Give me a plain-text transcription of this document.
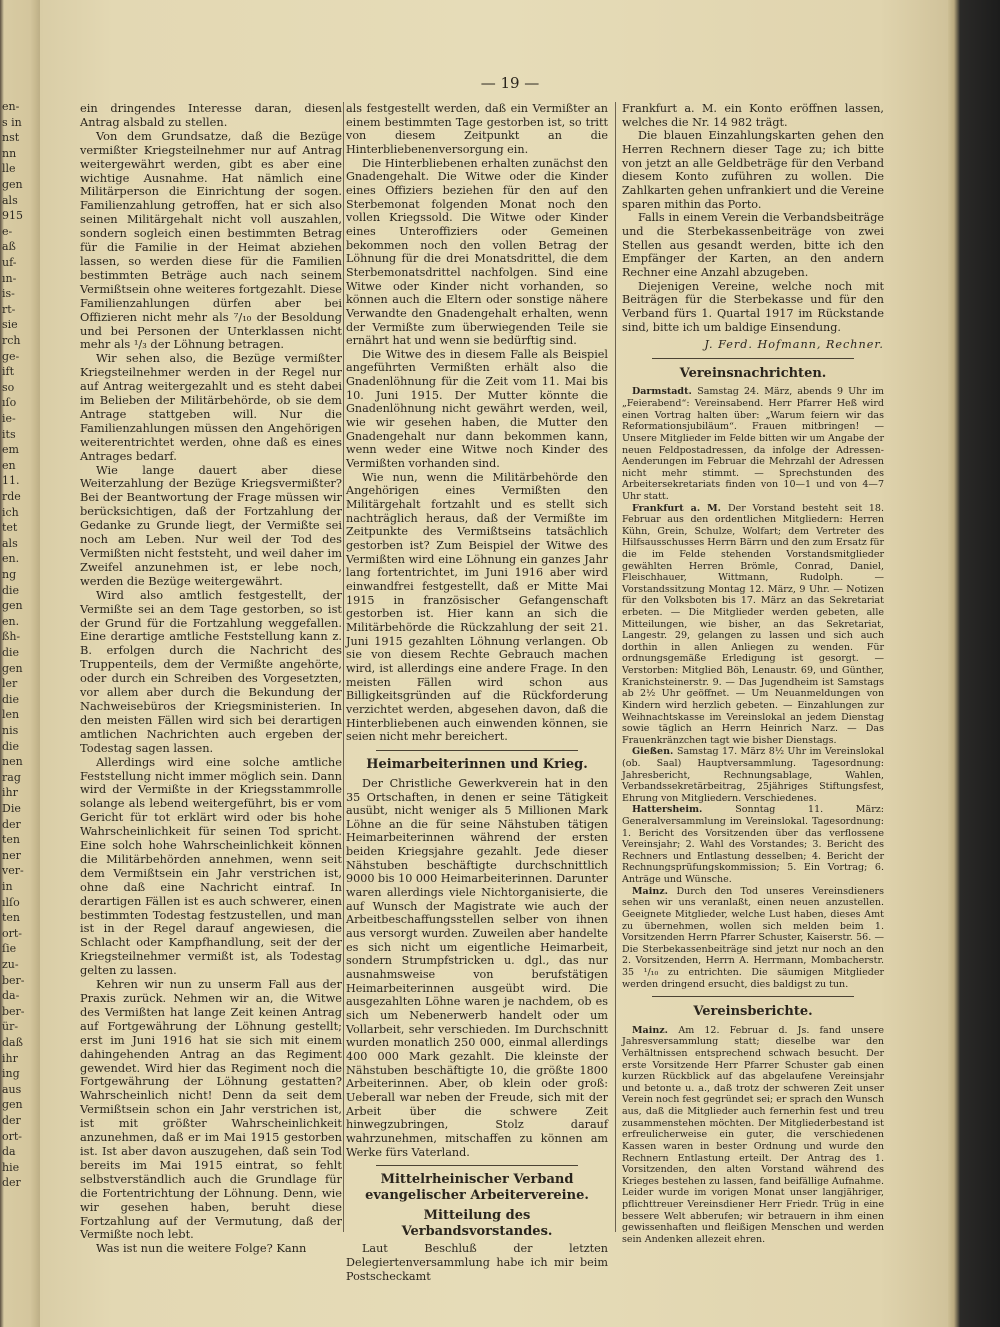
en-
s in
nst
nn
lle
gen
als
915
e-
aß
uf-
ın-
is-
rt-
sie
rch
ge-
ift
so
ıſo
ie-
its
em
en
11.
rde
ich
tet
als
en.
ng
die
gen
en.
ßh-
die
gen
ler
die
len
nis
die
nen
rag
ihr
Die
der
ten
ner
ver-
in
ılſo
ten
ort-
ſie
zu-
ber-
da-
ber-
ür-
daß
ihr
ing
aus
gen
der
ort-
da
hie
der
— 19 —

ein dringendes Interesse daran, diesen Antrag alsbald zu stellen.

Von dem Grundsatze, daß die Bezüge vermißter Kriegsteilnehmer nur auf Antrag weitergewährt werden, gibt es aber eine wichtige Ausnahme. Hat nämlich eine Militärperson die Einrichtung der sogen. Familienzahlung getroffen, hat er sich also seinen Militärgehalt nicht voll auszahlen, sondern sogleich einen bestimmten Betrag für die Familie in der Heimat abziehen lassen, so werden diese für die Familien bestimmten Beträge auch nach seinem Vermißtsein ohne weiteres fortgezahlt. Diese Familienzahlungen dürfen aber bei Offizieren nicht mehr als ⁷/₁₀ der Besoldung und bei Personen der Unterklassen nicht mehr als ¹/₃ der Löhnung betragen.

Wir sehen also, die Bezüge vermißter Kriegsteilnehmer werden in der Regel nur auf Antrag weitergezahlt und es steht dabei im Belieben der Militärbehörde, ob sie dem Antrage stattgeben will. Nur die Familienzahlungen müssen den Angehörigen weiterentrichtet werden, ohne daß es eines Antrages bedarf.

Wie lange dauert aber diese Weiterzahlung der Bezüge Kriegsvermißter? Bei der Beantwortung der Frage müssen wir berücksichtigen, daß der Fortzahlung der Gedanke zu Grunde liegt, der Vermißte sei noch am Leben. Nur weil der Tod des Vermißten nicht feststeht, und weil daher im Zweifel anzunehmen ist, er lebe noch, werden die Bezüge weitergewährt.

Wird also amtlich festgestellt, der Vermißte sei an dem Tage gestorben, so ist der Grund für die Fortzahlung weggefallen. Eine derartige amtliche Feststellung kann z. B. erfolgen durch die Nachricht des Truppenteils, dem der Vermißte angehörte, oder durch ein Schreiben des Vorgesetzten, vor allem aber durch die Bekundung der Nachweisebüros der Kriegsministerien. In den meisten Fällen wird sich bei derartigen amtlichen Nachrichten auch ergeben der Todestag sagen lassen.

Allerdings wird eine solche amtliche Feststellung nicht immer möglich sein. Dann wird der Vermißte in der Kriegsstammrolle solange als lebend weitergeführt, bis er vom Gericht für tot erklärt wird oder bis hohe Wahrscheinlichkeit für seinen Tod spricht. Eine solch hohe Wahrscheinlichkeit können die Militärbehörden annehmen, wenn seit dem Vermißtsein ein Jahr verstrichen ist, ohne daß eine Nachricht eintraf. In derartigen Fällen ist es auch schwerer, einen bestimmten Todestag festzustellen, und man ist in der Regel darauf angewiesen, die Schlacht oder Kampfhandlung, seit der der Kriegsteilnehmer vermißt ist, als Todestag gelten zu lassen.

Kehren wir nun zu unserm Fall aus der Praxis zurück. Nehmen wir an, die Witwe des Vermißten hat lange Zeit keinen Antrag auf Fortgewährung der Löhnung gestellt; erst im Juni 1916 hat sie sich mit einem dahingehenden Antrag an das Regiment gewendet. Wird hier das Regiment noch die Fortgewährung der Löhnung gestatten? Wahrscheinlich nicht! Denn da seit dem Vermißtsein schon ein Jahr verstrichen ist, ist mit größter Wahrscheinlichkeit anzunehmen, daß er im Mai 1915 gestorben ist. Ist aber davon auszugehen, daß sein Tod bereits im Mai 1915 eintrat, so fehlt selbstverständlich auch die Grundlage für die Fortentrichtung der Löhnung. Denn, wie wir gesehen haben, beruht diese Fortzahlung auf der Vermutung, daß der Vermißte noch lebt.

Was ist nun die weitere Folge? Kann

als festgestellt werden, daß ein Vermißter an einem bestimmten Tage gestorben ist, so tritt von diesem Zeitpunkt an die Hinterbliebenenversorgung ein.

Die Hinterbliebenen erhalten zunächst den Gnadengehalt. Die Witwe oder die Kinder eines Offiziers beziehen für den auf den Sterbemonat folgenden Monat noch den vollen Kriegssold. Die Witwe oder Kinder eines Unteroffiziers oder Gemeinen bekommen noch den vollen Betrag der Löhnung für die drei Monatsdrittel, die dem Sterbemonatsdrittel nachfolgen. Sind eine Witwe oder Kinder nicht vorhanden, so können auch die Eltern oder sonstige nähere Verwandte den Gnadengehalt erhalten, wenn der Vermißte zum überwiegenden Teile sie ernährt hat und wenn sie bedürftig sind.

Die Witwe des in diesem Falle als Beispiel angeführten Vermißten erhält also die Gnadenlöhnung für die Zeit vom 11. Mai bis 10. Juni 1915. Der Mutter könnte die Gnadenlöhnung nicht gewährt werden, weil, wie wir gesehen haben, die Mutter den Gnadengehalt nur dann bekommen kann, wenn weder eine Witwe noch Kinder des Vermißten vorhanden sind.

Wie nun, wenn die Militärbehörde den Angehörigen eines Vermißten den Militärgehalt fortzahlt und es stellt sich nachträglich heraus, daß der Vermißte im Zeitpunkte des Vermißtseins tatsächlich gestorben ist? Zum Beispiel der Witwe des Vermißten wird eine Löhnung ein ganzes Jahr lang fortentrichtet, im Juni 1916 aber wird einwandfrei festgestellt, daß er Mitte Mai 1915 in französischer Gefangenschaft gestorben ist. Hier kann an sich die Militärbehörde die Rückzahlung der seit 21. Juni 1915 gezahlten Löhnung verlangen. Ob sie von diesem Rechte Gebrauch machen wird, ist allerdings eine andere Frage. In den meisten Fällen wird schon aus Billigkeitsgründen auf die Rückforderung verzichtet werden, abgesehen davon, daß die Hinterbliebenen auch einwenden können, sie seien nicht mehr bereichert.

Heimarbeiterinnen und Krieg.

Der Christliche Gewerkverein hat in den 35 Ortschaften, in denen er seine Tätigkeit ausübt, nicht weniger als 5 Millionen Mark Löhne an die für seine Nähstuben tätigen Heimarbeiterinnen während der ersten beiden Kriegsjahre gezahlt. Jede dieser Nähstuben beschäftigte durchschnittlich 9000 bis 10 000 Heimarbeiterinnen. Darunter waren allerdings viele Nichtorganisierte, die auf Wunsch der Magistrate wie auch der Arbeitbeschaffungsstellen selber von ihnen aus versorgt wurden. Zuweilen aber handelte es sich nicht um eigentliche Heimarbeit, sondern Strumpfstricken u. dgl., das nur ausnahmsweise von berufstätigen Heimarbeiterinnen ausgeübt wird. Die ausgezahlten Löhne waren je nachdem, ob es sich um Nebenerwerb handelt oder um Vollarbeit, sehr verschieden. Im Durchschnitt wurden monatlich 250 000, einmal allerdings 400 000 Mark gezahlt. Die kleinste der Nähstuben beschäftigte 10, die größte 1800 Arbeiterinnen. Aber, ob klein oder groß: Ueberall war neben der Freude, sich mit der Arbeit über die schwere Zeit hinwegzubringen, Stolz darauf wahrzunehmen, mitschaffen zu können am Werke fürs Vaterland.

Mittelrheinischer Verband evangelischer Arbeitervereine.
Mitteilung des Verbandsvorstandes.

Laut Beschluß der letzten Delegiertenversammlung habe ich mir beim Postscheckamt

Frankfurt a. M. ein Konto eröffnen lassen, welches die Nr. 14 982 trägt.

Die blauen Einzahlungskarten gehen den Herren Rechnern dieser Tage zu; ich bitte von jetzt an alle Geldbeträge für den Verband diesem Konto zuführen zu wollen. Die Zahlkarten gehen unfrankiert und die Vereine sparen mithin das Porto.

Falls in einem Verein die Verbandsbeiträge und die Sterbekassenbeiträge von zwei Stellen aus gesandt werden, bitte ich den Empfänger der Karten, an den andern Rechner eine Anzahl abzugeben.

Diejenigen Vereine, welche noch mit Beiträgen für die Sterbekasse und für den Verband fürs 1. Quartal 1917 im Rückstande sind, bitte ich um baldige Einsendung.

J. Ferd. Hofmann, Rechner.
Vereinsnachrichten.

Darmstadt. Samstag 24. März, abends 9 Uhr im „Feierabend“: Vereinsabend. Herr Pfarrer Heß wird einen Vortrag halten über: „Warum feiern wir das Reformationsjubiläum“. Frauen mitbringen! — Unsere Mitglieder im Felde bitten wir um Angabe der neuen Feldpostadressen, da infolge der Adressen-Aenderungen im Februar die Mehrzahl der Adressen nicht mehr stimmt. — Sprechstunden des Arbeitersekretariats finden von 10—1 und von 4—7 Uhr statt.

Frankfurt a. M. Der Vorstand besteht seit 18. Februar aus den ordentlichen Mitgliedern: Herren Kühn, Grein, Schulze, Wolfart; dem Vertreter des Hilfsausschusses Herrn Bärrn und den zum Ersatz für die im Felde stehenden Vorstandsmitglieder gewählten Herren Brömle, Conrad, Daniel, Fleischhauer, Wittmann, Rudolph. — Vorstandssitzung Montag 12. März, 9 Uhr. — Notizen für den Volksboten bis 17. März an das Sekretariat erbeten. — Die Mitglieder werden gebeten, alle Mitteilungen, wie bisher, an das Sekretariat, Langestr. 29, gelangen zu lassen und sich auch dorthin in allen Anliegen zu wenden. Für ordnungsgemäße Erledigung ist gesorgt. — Verstorben: Mitglied Böh, Lenaustr. 69, und Günther, Kranichsteinerstr. 9. — Das Jugendheim ist Samstags ab 2½ Uhr geöffnet. — Um Neuanmeldungen von Kindern wird herzlich gebeten. — Einzahlungen zur Weihnachtskasse im Vereinslokal an jedem Dienstag sowie täglich an Herrn Heinrich Narz. — Das Frauenkränzchen tagt wie bisher Dienstags.

Gießen. Samstag 17. März 8½ Uhr im Vereinslokal (ob. Saal) Hauptversammlung. Tagesordnung: Jahresbericht, Rechnungsablage, Wahlen, Verbandssekretärbeitrag, 25jähriges Stiftungsfest, Ehrung von Mitgliedern. Verschiedenes.

Hattersheim. Sonntag 11. März: Generalversammlung im Vereinslokal. Tagesordnung: 1. Bericht des Vorsitzenden über das verflossene Vereinsjahr; 2. Wahl des Vorstandes; 3. Bericht des Rechners und Entlastung desselben; 4. Bericht der Rechnungsprüfungskommission; 5. Ein Vortrag; 6. Anträge und Wünsche.

Mainz. Durch den Tod unseres Vereinsdieners sehen wir uns veranlaßt, einen neuen anzustellen. Geeignete Mitglieder, welche Lust haben, dieses Amt zu übernehmen, wollen sich melden beim 1. Vorsitzenden Herrn Pfarrer Schuster, Kaiserstr. 56. — Die Sterbekassenbeiträge sind jetzt nur noch an den 2. Vorsitzenden, Herrn A. Herrmann, Mombacherstr. 35 ¹/₁₀ zu entrichten. Die säumigen Mitglieder werden dringend ersucht, dies baldigst zu tun.

Vereinsberichte.

Mainz. Am 12. Februar d. Js. fand unsere Jahresversammlung statt; dieselbe war den Verhältnissen entsprechend schwach besucht. Der erste Vorsitzende Herr Pfarrer Schuster gab einen kurzen Rückblick auf das abgelaufene Vereinsjahr und betonte u. a., daß trotz der schweren Zeit unser Verein noch fest gegründet sei; er sprach den Wunsch aus, daß die Mitglieder auch fernerhin fest und treu zusammenstehen möchten. Der Mitgliederbestand ist erfreulicherweise ein guter, die verschiedenen Kassen waren in bester Ordnung und wurde den Rechnern Entlastung erteilt. Der Antrag des 1. Vorsitzenden, den alten Vorstand während des Krieges bestehen zu lassen, fand beifällige Aufnahme. Leider wurde im vorigen Monat unser langjähriger, pflichttreuer Vereinsdiener Herr Friedr. Trüg in eine bessere Welt abberufen; wir betrauern in ihm einen gewissenhaften und fleißigen Menschen und werden sein Andenken allezeit ehren.
